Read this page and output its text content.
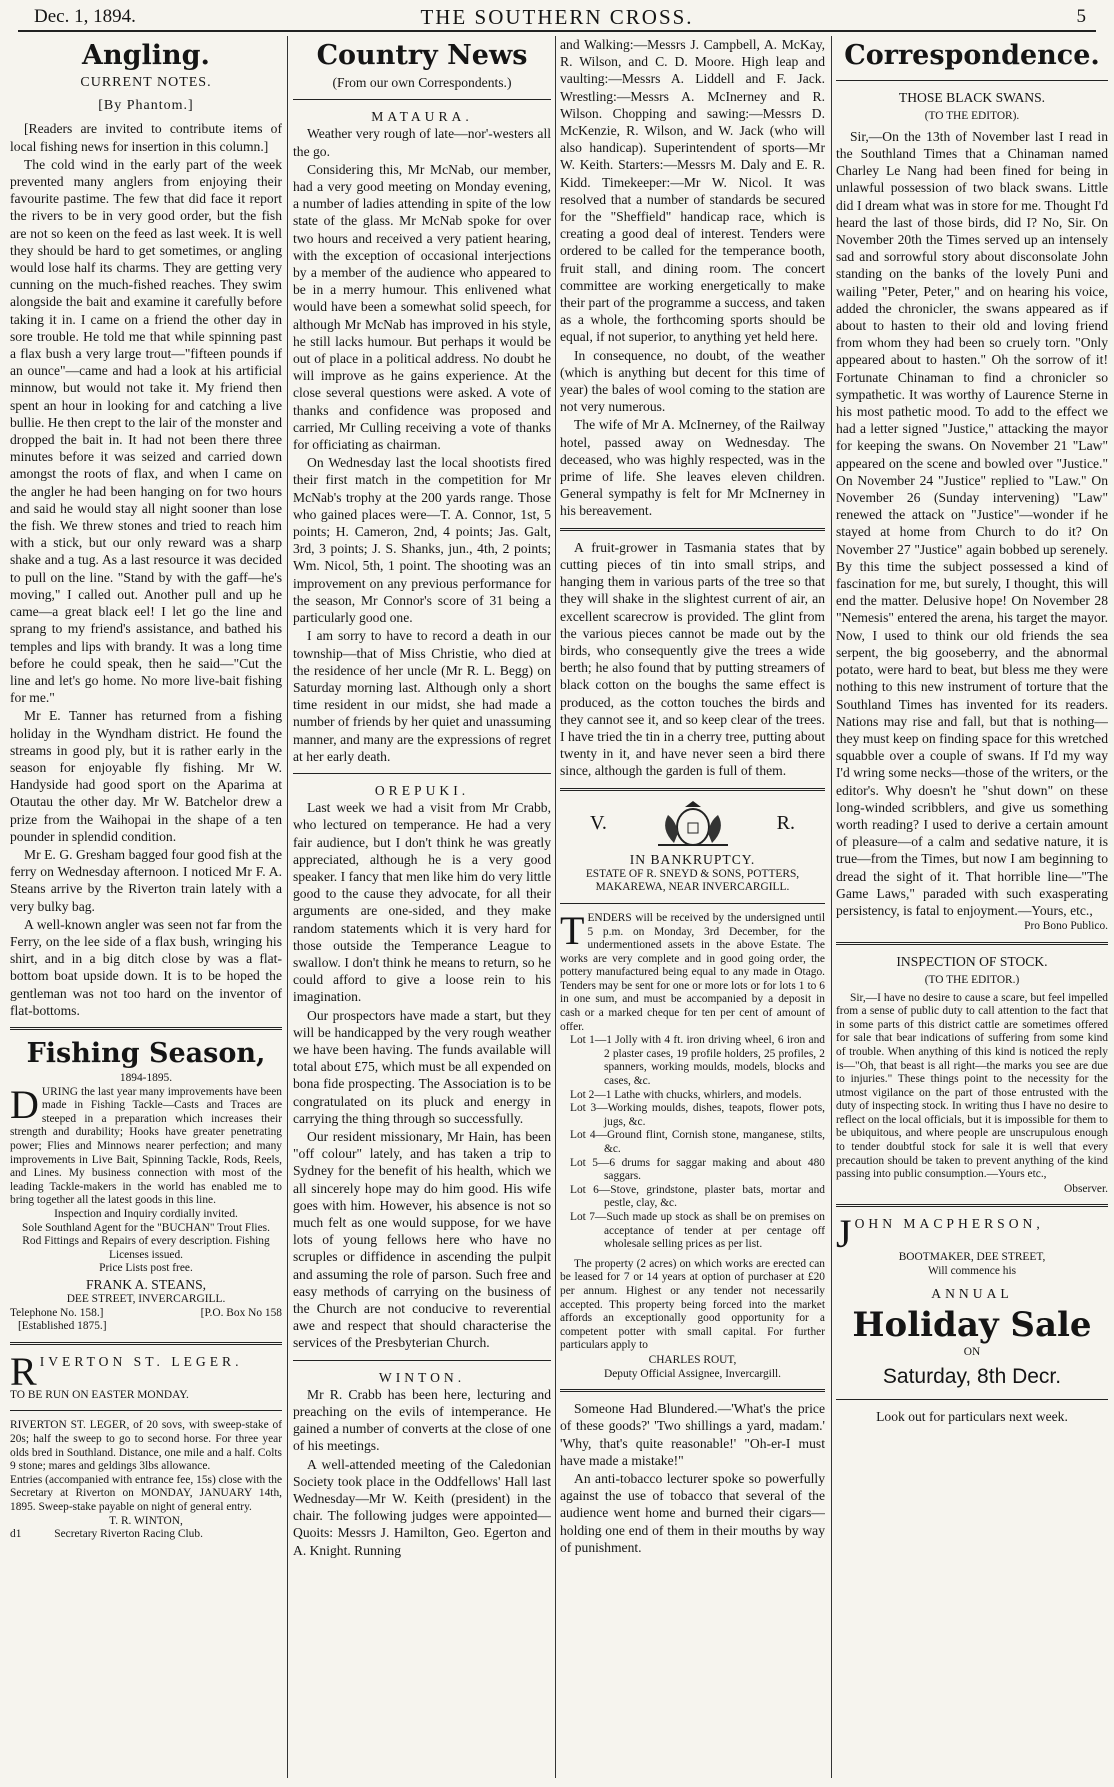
Dec. 1, 1894.	THE SOUTHERN CROSS.	5
Angling.
CURRENT NOTES.
[By Phantom.]

[Readers are invited to contribute items of local fishing news for insertion in this column.]

The cold wind in the early part of the week prevented many anglers from enjoying their favourite pastime. The few that did face it report the rivers to be in very good order, but the fish are not so keen on the feed as last week. It is well they should be hard to get sometimes, or angling would lose half its charms. They are getting very cunning on the much-fished reaches. They swim alongside the bait and examine it carefully before taking it in. I came on a friend the other day in sore trouble. He told me that while spinning past a flax bush a very large trout—"fifteen pounds if an ounce"—came and had a look at his artificial minnow, but would not take it. My friend then spent an hour in looking for and catching a live bullie. He then crept to the lair of the monster and dropped the bait in. It had not been there three minutes before it was seized and carried down amongst the roots of flax, and when I came on the angler he had been hanging on for two hours and said he would stay all night sooner than lose the fish. We threw stones and tried to reach him with a stick, but our only reward was a sharp shake and a tug. As a last resource it was decided to pull on the line. "Stand by with the gaff—he's moving," I called out. Another pull and up he came—a great black eel! I let go the line and sprang to my friend's assistance, and bathed his temples and lips with brandy. It was a long time before he could speak, then he said—"Cut the line and let's go home. No more live-bait fishing for me."

Mr E. Tanner has returned from a fishing holiday in the Wyndham district. He found the streams in good ply, but it is rather early in the season for enjoyable fly fishing. Mr W. Handyside had good sport on the Aparima at Otautau the other day. Mr W. Batchelor drew a prize from the Waihopai in the shape of a ten pounder in splendid condition.

Mr E. G. Gresham bagged four good fish at the ferry on Wednesday afternoon. I noticed Mr F. A. Steans arrive by the Riverton train lately with a very bulky bag.

A well-known angler was seen not far from the Ferry, on the lee side of a flax bush, wringing his shirt, and in a big ditch close by was a flat-bottom boat upside down. It is to be hoped the gentleman was not too hard on the inventor of flat-bottoms.

Fishing Season,
1894-1895.
DURING the last year many improvements have been made in Fishing Tackle—Casts and Traces are steeped in a preparation which increases their strength and durability; Hooks have greater penetrating power; Flies and Minnows nearer perfection; and many improvements in Live Bait, Spinning Tackle, Rods, Reels, and Lines. My business connection with most of the leading Tackle-makers in the world has enabled me to bring together all the latest goods in this line.
Inspection and Inquiry cordially invited.
Sole Southland Agent for the "BUCHAN" Trout Flies.
Rod Fittings and Repairs of every description. Fishing Licenses issued.
Price Lists post free.
FRANK A. STEANS,
DEE STREET, INVERCARGILL.
Telephone No. 158.]	[P.O. Box No 158
[Established 1875.]
RIVERTON ST. LEGER.
TO BE RUN ON EASTER MONDAY.
RIVERTON ST. LEGER, of 20 sovs, with sweep-stake of 20s; half the sweep to go to second horse. For three year olds bred in Southland. Distance, one mile and a half. Colts 9 stone; mares and geldings 3lbs allowance.
Entries (accompanied with entrance fee, 15s) close with the Secretary at Riverton on MONDAY, JANUARY 14th, 1895. Sweep-stake payable on night of general entry.
T. R. WINTON,
d1	Secretary Riverton Racing Club.
Country News
(From our own Correspondents.)
MATAURA.

Weather very rough of late—nor'-westers all the go.

Considering this, Mr McNab, our member, had a very good meeting on Monday evening, a number of ladies attending in spite of the low state of the glass. Mr McNab spoke for over two hours and received a very patient hearing, with the exception of occasional interjections by a member of the audience who appeared to be in a merry humour. This enlivened what would have been a somewhat solid speech, for although Mr McNab has improved in his style, he still lacks humour. But perhaps it would be out of place in a political address. No doubt he will improve as he gains experience. At the close several questions were asked. A vote of thanks and confidence was proposed and carried, Mr Culling receiving a vote of thanks for officiating as chairman.

On Wednesday last the local shootists fired their first match in the competition for Mr McNab's trophy at the 200 yards range. Those who gained places were—T. A. Connor, 1st, 5 points; H. Cameron, 2nd, 4 points; Jas. Galt, 3rd, 3 points; J. S. Shanks, jun., 4th, 2 points; Wm. Nicol, 5th, 1 point. The shooting was an improvement on any previous performance for the season, Mr Connor's score of 31 being a particularly good one.

I am sorry to have to record a death in our township—that of Miss Christie, who died at the residence of her uncle (Mr R. L. Begg) on Saturday morning last. Although only a short time resident in our midst, she had made a number of friends by her quiet and unassuming manner, and many are the expressions of regret at her early death.

OREPUKI.

Last week we had a visit from Mr Crabb, who lectured on temperance. He had a very fair audience, but I don't think he was greatly appreciated, although he is a very good speaker. I fancy that men like him do very little good to the cause they advocate, for all their arguments are one-sided, and they make random statements which it is very hard for those outside the Temperance League to swallow. I don't think he means to return, so he could afford to give a loose rein to his imagination.

Our prospectors have made a start, but they will be handicapped by the very rough weather we have been having. The funds available will total about £75, which must be all expended on bona fide prospecting. The Association is to be congratulated on its pluck and energy in carrying the thing through so successfully.

Our resident missionary, Mr Hain, has been "off colour" lately, and has taken a trip to Sydney for the benefit of his health, which we all sincerely hope may do him good. His wife goes with him. However, his absence is not so much felt as one would suppose, for we have lots of young fellows here who have no scruples or diffidence in ascending the pulpit and assuming the role of parson. Such free and easy methods of carrying on the business of the Church are not conducive to reverential awe and respect that should characterise the services of the Presbyterian Church.

WINTON.

Mr R. Crabb has been here, lecturing and preaching on the evils of intemperance. He gained a number of converts at the close of one of his meetings.

A well-attended meeting of the Caledonian Society took place in the Oddfellows' Hall last Wednesday—Mr W. Keith (president) in the chair. The following judges were appointed—Quoits: Messrs J. Hamilton, Geo. Egerton and A. Knight. Running

and Walking:—Messrs J. Campbell, A. McKay, R. Wilson, and C. D. Moore. High leap and vaulting:—Messrs A. Liddell and F. Jack. Wrestling:—Messrs A. McInerney and R. Wilson. Chopping and sawing:—Messrs D. McKenzie, R. Wilson, and W. Jack (who will also handicap). Superintendent of sports—Mr W. Keith. Starters:—Messrs M. Daly and E. R. Kidd. Timekeeper:—Mr W. Nicol. It was resolved that a number of standards be secured for the "Sheffield" handicap race, which is creating a good deal of interest. Tenders were ordered to be called for the temperance booth, fruit stall, and dining room. The concert committee are working energetically to make their part of the programme a success, and taken as a whole, the forthcoming sports should be equal, if not superior, to anything yet held here.

In consequence, no doubt, of the weather (which is anything but decent for this time of year) the bales of wool coming to the station are not very numerous.

The wife of Mr A. McInerney, of the Railway hotel, passed away on Wednesday. The deceased, who was highly respected, was in the prime of life. She leaves eleven children. General sympathy is felt for Mr McInerney in his bereavement.

A fruit-grower in Tasmania states that by cutting pieces of tin into small strips, and hanging them in various parts of the tree so that they will shake in the slightest current of air, an excellent scarecrow is provided. The glint from the various pieces cannot be made out by the birds, who consequently give the trees a wide berth; he also found that by putting streamers of black cotton on the boughs the same effect is produced, as the cotton touches the birds and they cannot see it, and so keep clear of the trees. I have tried the tin in a cherry tree, putting about twenty in it, and have never seen a bird there since, although the garden is full of them.

V.	R.
IN BANKRUPTCY.
ESTATE OF R. SNEYD & SONS, POTTERS, MAKAREWA, NEAR INVERCARGILL.
TENDERS will be received by the undersigned until 5 p.m. on Monday, 3rd December, for the undermentioned assets in the above Estate. The works are very complete and in good going order, the pottery manufactured being equal to any made in Otago. Tenders may be sent for one or more lots or for lots 1 to 6 in one sum, and must be accompanied by a deposit in cash or a marked cheque for ten per cent of amount of offer.

Lot 1—1 Jolly with 4 ft. iron driving wheel, 6 iron and 2 plaster cases, 19 profile holders, 25 profiles, 2 spanners, working moulds, models, blocks and cases, &c.

Lot 2—1 Lathe with chucks, whirlers, and models.

Lot 3—Working moulds, dishes, teapots, flower pots, jugs, &c.

Lot 4—Ground flint, Cornish stone, manganese, stilts, &c.

Lot 5—6 drums for saggar making and about 480 saggars.

Lot 6—Stove, grindstone, plaster bats, mortar and pestle, clay, &c.

Lot 7—Such made up stock as shall be on premises on acceptance of tender at per centage off wholesale selling prices as per list.

The property (2 acres) on which works are erected can be leased for 7 or 14 years at option of purchaser at £20 per annum. Highest or any tender not necessarily accepted. This property being forced into the market affords an exceptionally good opportunity for a competent potter with small capital. For further particulars apply to

CHARLES ROUT,
Deputy Official Assignee, Invercargill.

Someone Had Blundered.—'What's the price of these goods?' 'Two shillings a yard, madam.' 'Why, that's quite reasonable!' "Oh-er-I must have made a mistake!"

An anti-tobacco lecturer spoke so powerfully against the use of tobacco that several of the audience went home and burned their cigars—holding one end of them in their mouths by way of punishment.

Correspondence.
THOSE BLACK SWANS.
(TO THE EDITOR).

Sir,—On the 13th of November last I read in the Southland Times that a Chinaman named Charley Le Nang had been fined for being in unlawful possession of two black swans. Little did I dream what was in store for me. Thought I'd heard the last of those birds, did I? No, Sir. On November 20th the Times served up an intensely sad and sorrowful story about disconsolate John standing on the banks of the lovely Puni and wailing "Peter, Peter," and on hearing his voice, added the chronicler, the swans appeared as if about to hasten to their old and loving friend from whom they had been so cruely torn. "Only appeared about to hasten." Oh the sorrow of it! Fortunate Chinaman to find a chronicler so sympathetic. It was worthy of Laurence Sterne in his most pathetic mood. To add to the effect we had a letter signed "Justice," attacking the mayor for keeping the swans. On November 21 "Law" appeared on the scene and bowled over "Justice." On November 24 "Justice" replied to "Law." On November 26 (Sunday intervening) "Law" renewed the attack on "Justice"—wonder if he stayed at home from Church to do it? On November 27 "Justice" again bobbed up serenely. By this time the subject possessed a kind of fascination for me, but surely, I thought, this will end the matter. Delusive hope! On November 28 "Nemesis" entered the arena, his target the mayor. Now, I used to think our old friends the sea serpent, the big gooseberry, and the abnormal potato, were hard to beat, but bless me they were nothing to this new instrument of torture that the Southland Times has invented for its readers. Nations may rise and fall, but that is nothing—they must keep on finding space for this wretched squabble over a couple of swans. If I'd my way I'd wring some necks—those of the writers, or the editor's. Why doesn't he "shut down" on these long-winded scribblers, and give us something worth reading? I used to derive a certain amount of pleasure—of a calm and sedative nature, it is true—from the Times, but now I am beginning to dread the sight of it. That horrible line—"The Game Laws," paraded with such exasperating persistency, is fatal to enjoyment.—Yours, etc.,

Pro Bono Publico.
INSPECTION OF STOCK.
(TO THE EDITOR.)

Sir,—I have no desire to cause a scare, but feel impelled from a sense of public duty to call attention to the fact that in some parts of this district cattle are sometimes offered for sale that bear indications of suffering from some kind of trouble. When anything of this kind is noticed the reply is—"Oh, that beast is all right—the marks you see are due to injuries." These things point to the necessity for the utmost vigilance on the part of those entrusted with the duty of inspecting stock. In writing thus I have no desire to reflect on the local officials, but it is impossible for them to be ubiquitous, and where people are unscrupulous enough to tender doubtful stock for sale it is well that every precaution should be taken to prevent anything of the kind passing into public consumption.—Yours etc.,

Observer.
JOHN MACPHERSON,
BOOTMAKER, DEE STREET,
Will commence his
ANNUAL
Holiday Sale
ON
Saturday, 8th Decr.
Look out for particulars next week.
